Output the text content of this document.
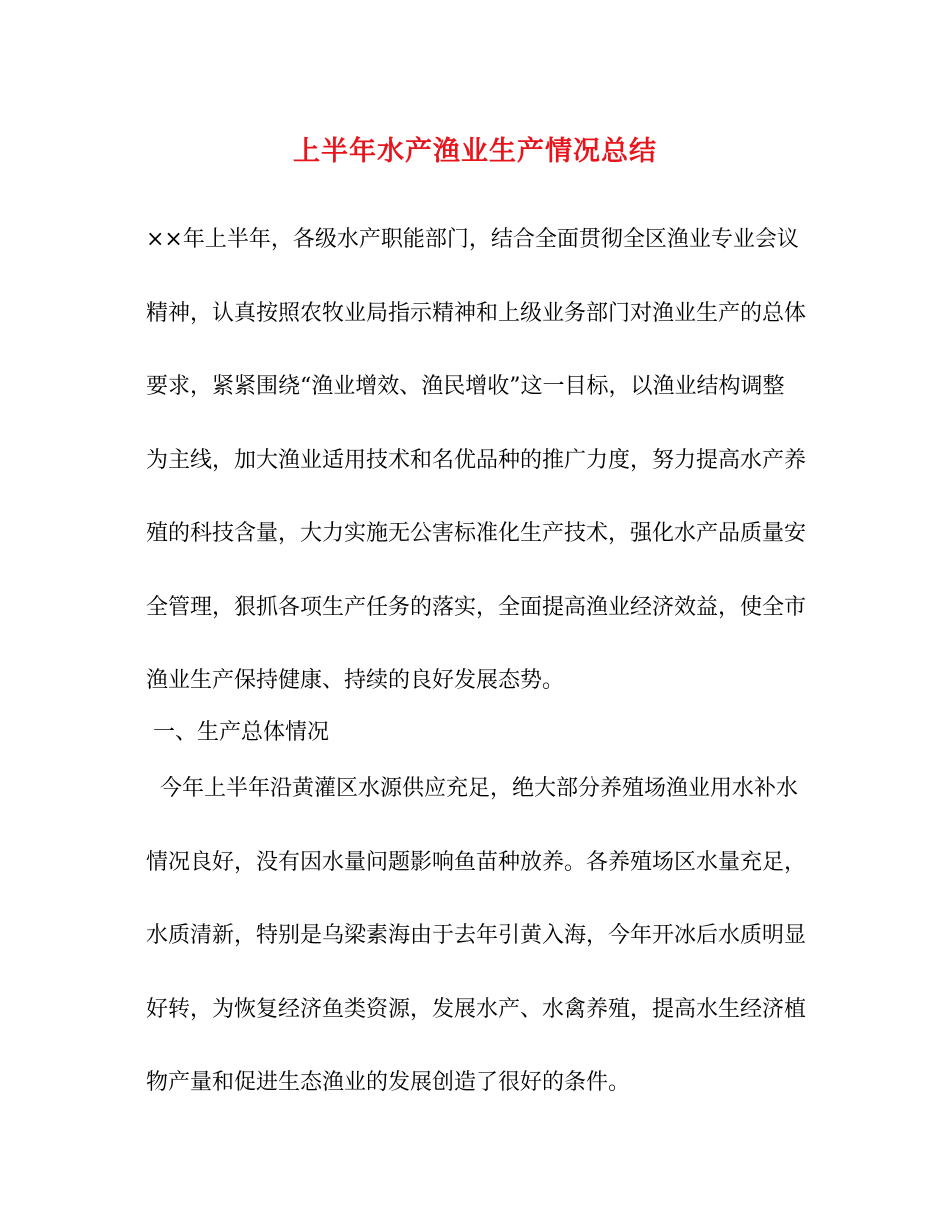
上半年水产渔业生产情况总结
××年上半年，各级水产职能部门，结合全面贯彻全区渔业专业会议
精神，认真按照农牧业局指示精神和上级业务部门对渔业生产的总体
要求，紧紧围绕“渔业增效、渔民增收”这一目标，以渔业结构调整
为主线，加大渔业适用技术和名优品种的推广力度，努力提高水产养
殖的科技含量，大力实施无公害标准化生产技术，强化水产品质量安
全管理，狠抓各项生产任务的落实，全面提高渔业经济效益，使全市
渔业生产保持健康、持续的良好发展态势。
一、生产总体情况
今年上半年沿黄灌区水源供应充足，绝大部分养殖场渔业用水补水
情况良好，没有因水量问题影响鱼苗种放养。各养殖场区水量充足，
水质清新，特别是乌梁素海由于去年引黄入海，今年开冰后水质明显
好转，为恢复经济鱼类资源，发展水产、水禽养殖，提高水生经济植
物产量和促进生态渔业的发展创造了很好的条件。
